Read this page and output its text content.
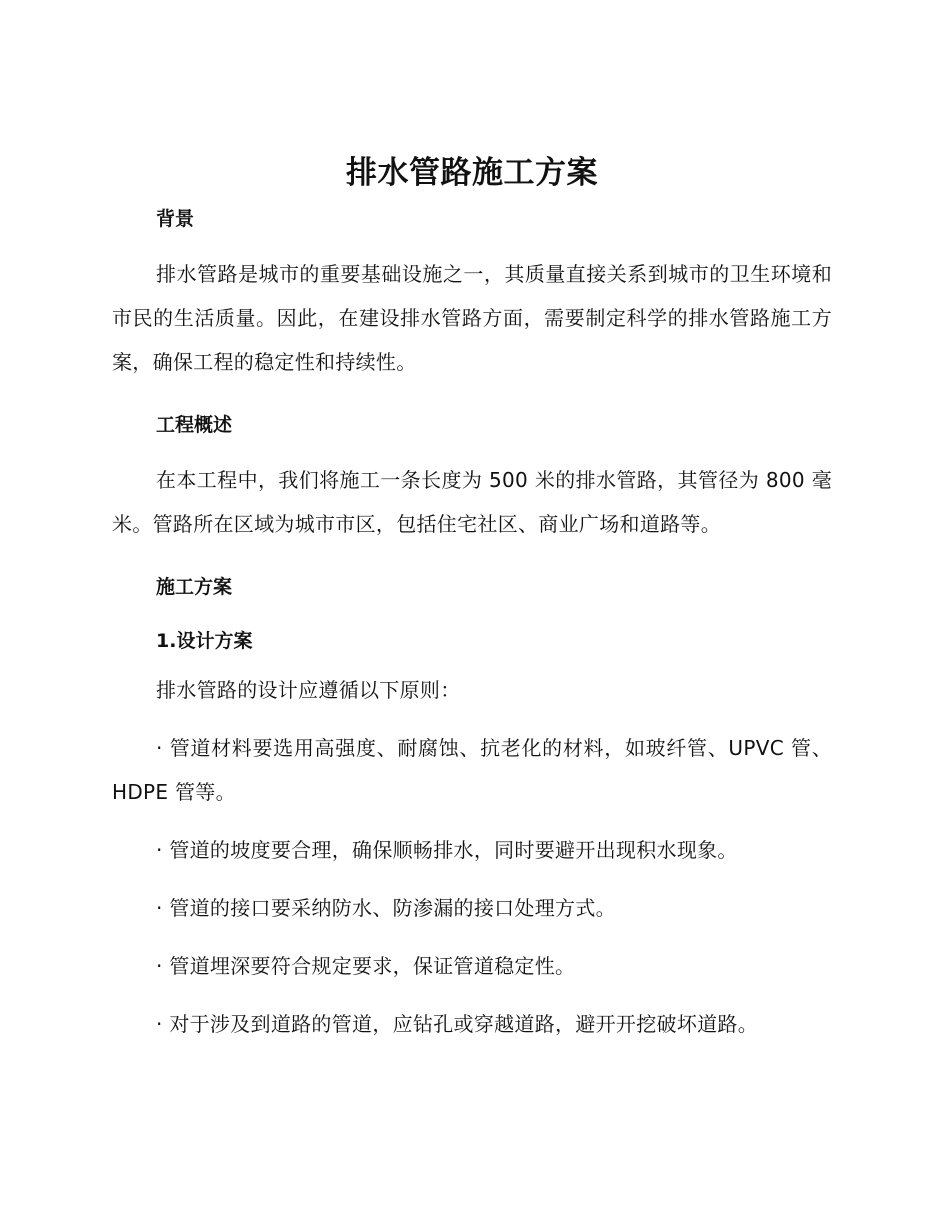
排水管路施工方案
背景

排水管路是城市的重要基础设施之一，其质量直接关系到城市的卫生环境和市民的生活质量。因此，在建设排水管路方面，需要制定科学的排水管路施工方案，确保工程的稳定性和持续性。

工程概述

在本工程中，我们将施工一条长度为 500 米的排水管路，其管径为 800 毫米。管路所在区域为城市市区，包括住宅社区、商业广场和道路等。

施工方案
1.设计方案

排水管路的设计应遵循以下原则：

· 管道材料要选用高强度、耐腐蚀、抗老化的材料，如玻纤管、UPVC 管、HDPE 管等。

· 管道的坡度要合理，确保顺畅排水，同时要避开出现积水现象。

· 管道的接口要采纳防水、防渗漏的接口处理方式。

· 管道埋深要符合规定要求，保证管道稳定性。

· 对于涉及到道路的管道，应钻孔或穿越道路，避开开挖破坏道路。
